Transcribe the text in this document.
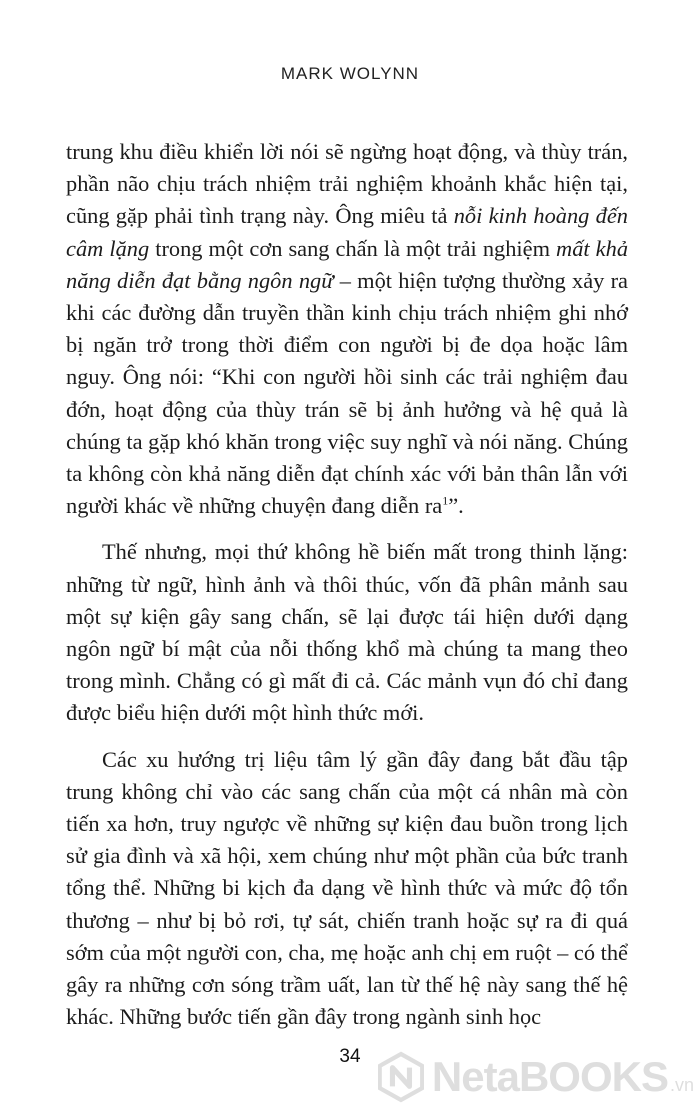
MARK WOLYNN

trung khu điều khiển lời nói sẽ ngừng hoạt động, và thùy trán, phần não chịu trách nhiệm trải nghiệm khoảnh khắc hiện tại, cũng gặp phải tình trạng này. Ông miêu tả nỗi kinh hoàng đến câm lặng trong một cơn sang chấn là một trải nghiệm mất khả năng diễn đạt bằng ngôn ngữ – một hiện tượng thường xảy ra khi các đường dẫn truyền thần kinh chịu trách nhiệm ghi nhớ bị ngăn trở trong thời điểm con người bị đe dọa hoặc lâm nguy. Ông nói: “Khi con người hồi sinh các trải nghiệm đau đớn, hoạt động của thùy trán sẽ bị ảnh hưởng và hệ quả là chúng ta gặp khó khăn trong việc suy nghĩ và nói năng. Chúng ta không còn khả năng diễn đạt chính xác với bản thân lẫn với người khác về những chuyện đang diễn $ra^1$”.

Thế nhưng, mọi thứ không hề biến mất trong thinh lặng: những từ ngữ, hình ảnh và thôi thúc, vốn đã phân mảnh sau một sự kiện gây sang chấn, sẽ lại được tái hiện dưới dạng ngôn ngữ bí mật của nỗi thống khổ mà chúng ta mang theo trong mình. Chẳng có gì mất đi cả. Các mảnh vụn đó chỉ đang được biểu hiện dưới một hình thức mới.

Các xu hướng trị liệu tâm lý gần đây đang bắt đầu tập trung không chỉ vào các sang chấn của một cá nhân mà còn tiến xa hơn, truy ngược về những sự kiện đau buồn trong lịch sử gia đình và xã hội, xem chúng như một phần của bức tranh tổng thể. Những bi kịch đa dạng về hình thức và mức độ tổn thương – như bị bỏ rơi, tự sát, chiến tranh hoặc sự ra đi quá sớm của một người con, cha, mẹ hoặc anh chị em ruột – có thể gây ra những cơn sóng trầm uất, lan từ thế hệ này sang thế hệ khác. Những bước tiến gần đây trong ngành sinh học

34	NetaBOOKS .vn
